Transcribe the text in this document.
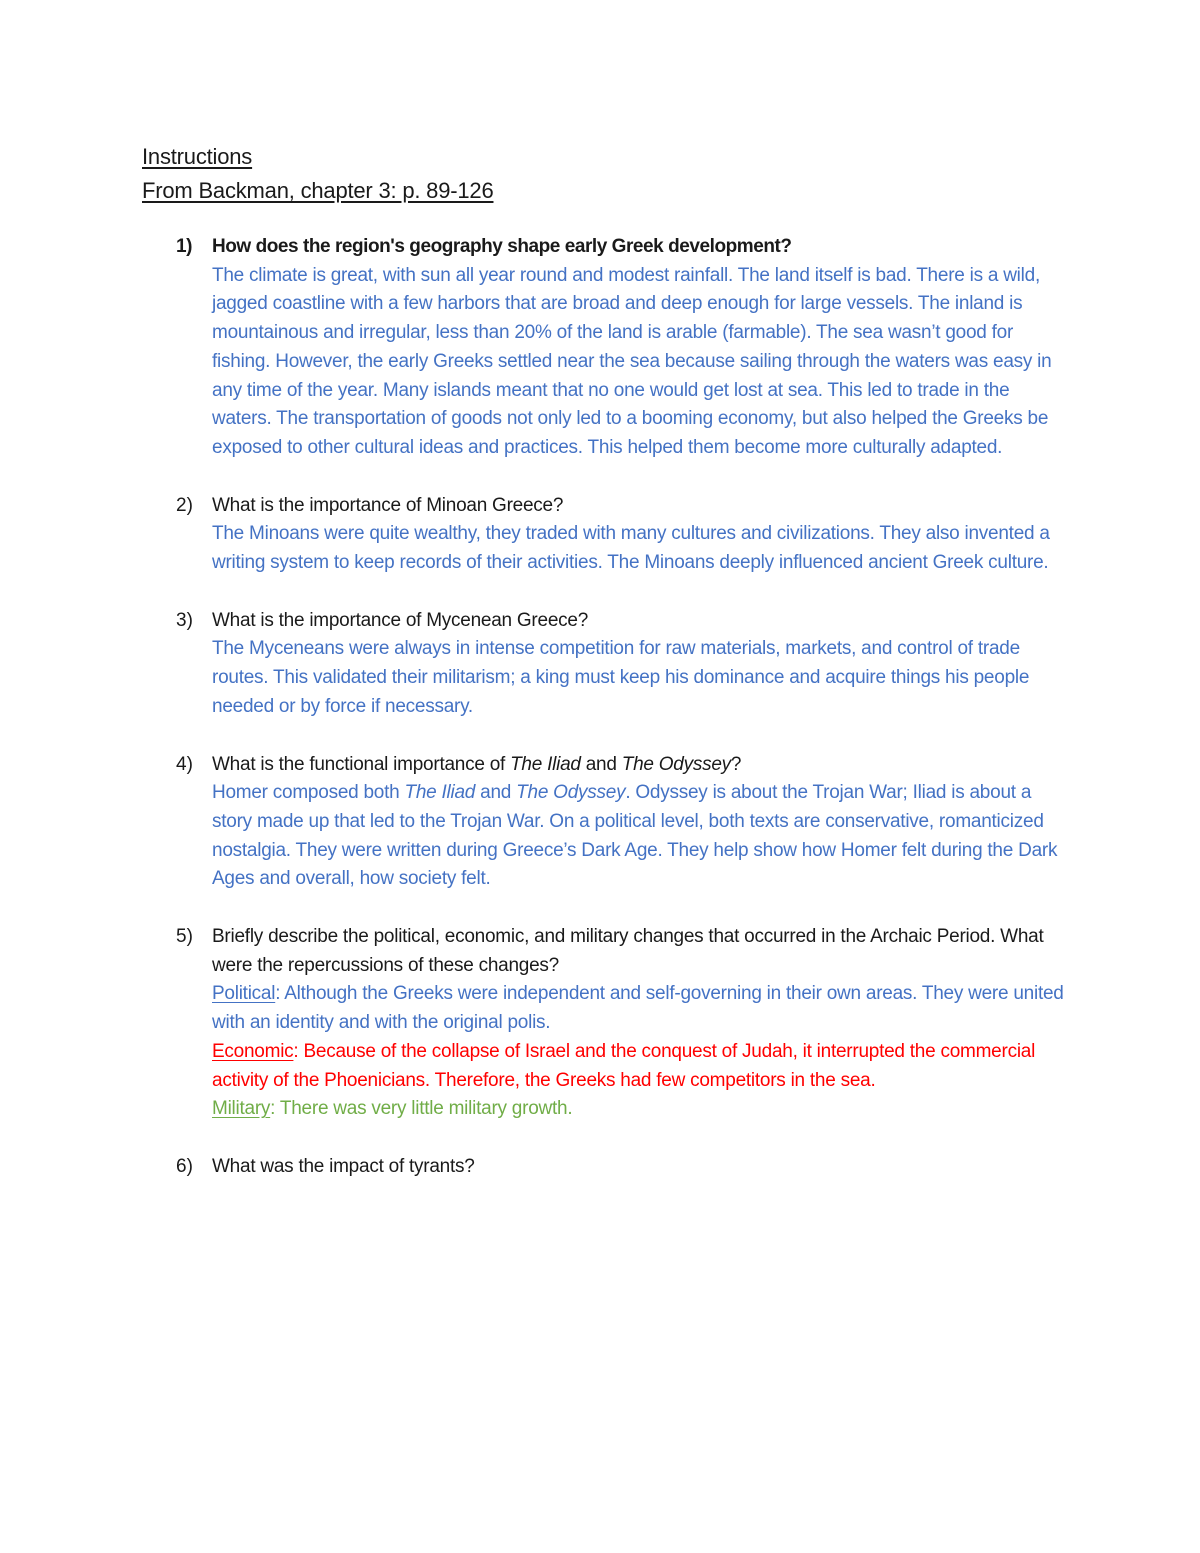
Instructions
From Backman, chapter 3: p. 89-126
1) How does the region's geography shape early Greek development?
The climate is great, with sun all year round and modest rainfall. The land itself is bad. There is a wild, jagged coastline with a few harbors that are broad and deep enough for large vessels. The inland is mountainous and irregular, less than 20% of the land is arable (farmable). The sea wasn’t good for fishing. However, the early Greeks settled near the sea because sailing through the waters was easy in any time of the year. Many islands meant that no one would get lost at sea. This led to trade in the waters. The transportation of goods not only led to a booming economy, but also helped the Greeks be exposed to other cultural ideas and practices. This helped them become more culturally adapted.
2) What is the importance of Minoan Greece?
The Minoans were quite wealthy, they traded with many cultures and civilizations. They also invented a writing system to keep records of their activities. The Minoans deeply influenced ancient Greek culture.
3) What is the importance of Mycenean Greece?
The Myceneans were always in intense competition for raw materials, markets, and control of trade routes. This validated their militarism; a king must keep his dominance and acquire things his people needed or by force if necessary.
4) What is the functional importance of The Iliad and The Odyssey?
Homer composed both The Iliad and The Odyssey. Odyssey is about the Trojan War; Iliad is about a story made up that led to the Trojan War. On a political level, both texts are conservative, romanticized nostalgia. They were written during Greece’s Dark Age. They help show how Homer felt during the Dark Ages and overall, how society felt.
5) Briefly describe the political, economic, and military changes that occurred in the Archaic Period. What were the repercussions of these changes?
Political: Although the Greeks were independent and self-governing in their own areas. They were united with an identity and with the original polis.
Economic: Because of the collapse of Israel and the conquest of Judah, it interrupted the commercial activity of the Phoenicians. Therefore, the Greeks had few competitors in the sea.
Military: There was very little military growth.
6) What was the impact of tyrants?
